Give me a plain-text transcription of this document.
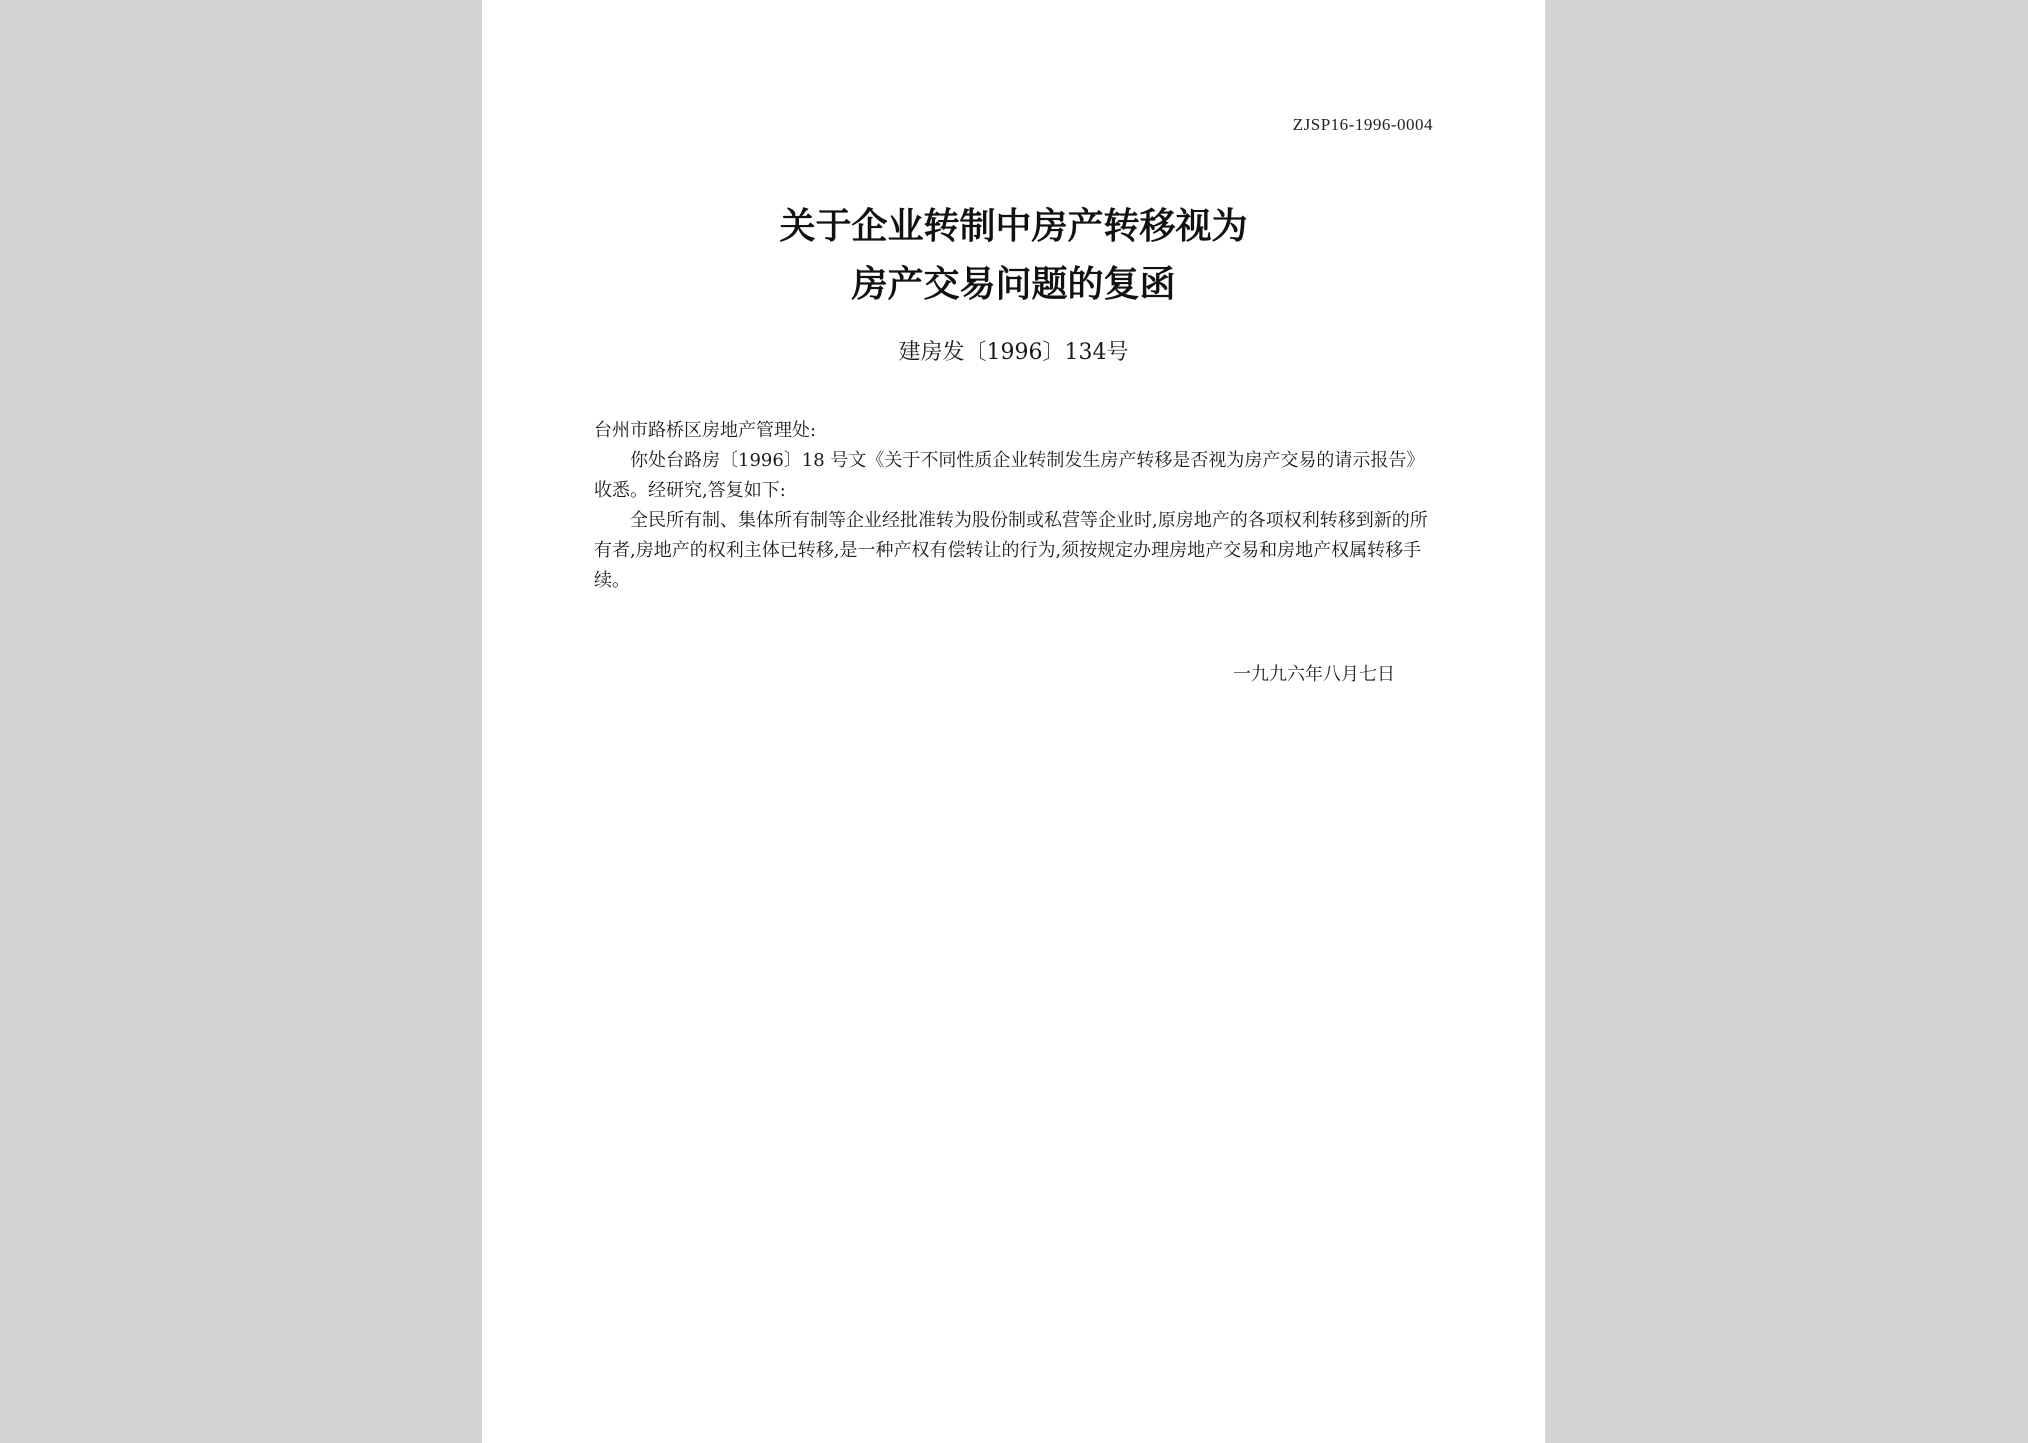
ZJSP16-1996-0004
关于企业转制中房产转移视为
房产交易问题的复函
建房发〔1996〕134号

台州市路桥区房地产管理处:

你处台路房〔1996〕18 号文《关于不同性质企业转制发生房产转移是否视为房产交易的请示报告》收悉。经研究,答复如下:

全民所有制、集体所有制等企业经批准转为股份制或私营等企业时,原房地产的各项权利转移到新的所有者,房地产的权利主体已转移,是一种产权有偿转让的行为,须按规定办理房地产交易和房地产权属转移手续。

一九九六年八月七日
